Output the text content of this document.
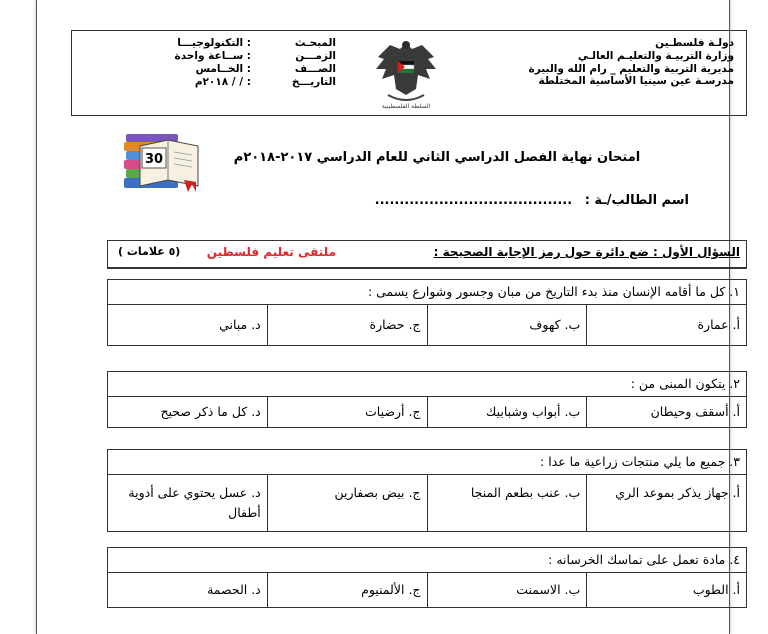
دولـة فلسطـين
وزارة التربيـة والتعليـم العالـي
مديرية التربية والتعليم _ رام الله والبيرة
مدرسـة عين سينيا الأساسية المختلطة
السلطة الفلسطينية
المبحـث
: التكنولوجيـــا
الزمـــن
: ســاعة واحدة
الصـــف
: الخــامس
التاريـــخ
: / / ٢٠١٨م
30	امتحان نهاية الفصل الدراسي الثاني للعام الدراسي ٢٠١٧-٢٠١٨م
اسم الطالب/ـة : ........................................
السؤال الأول : ضع دائرة حول رمز الإجابة الصحيحة :
ملتقى تعليم فلسطين
(٥ علامات )
١. كل ما أقامه الإنسان منذ بدء التاريخ من مبان وجسور وشوارع يسمى :
أ. عمارة
ب. كهوف
ج. حضارة
د. مباني
٢. يتكون المبنى من :
أ. أسقف وحيطان
ب. أبواب وشبابيك
ج. أرضيات
د. كل ما ذكر صحيح
٣. جميع ما يلي منتجات زراعية ما عدا :
أ. جهاز يذكر بموعد الري
ب. عنب بطعم المنجا
ج. بيض بصفارين
د. عسل يحتوي على أدوية أطفال
٤. مادة تعمل على تماسك الخرسانه :
أ. الطوب
ب. الاسمنت
ج. الألمنيوم
د. الحصمة
